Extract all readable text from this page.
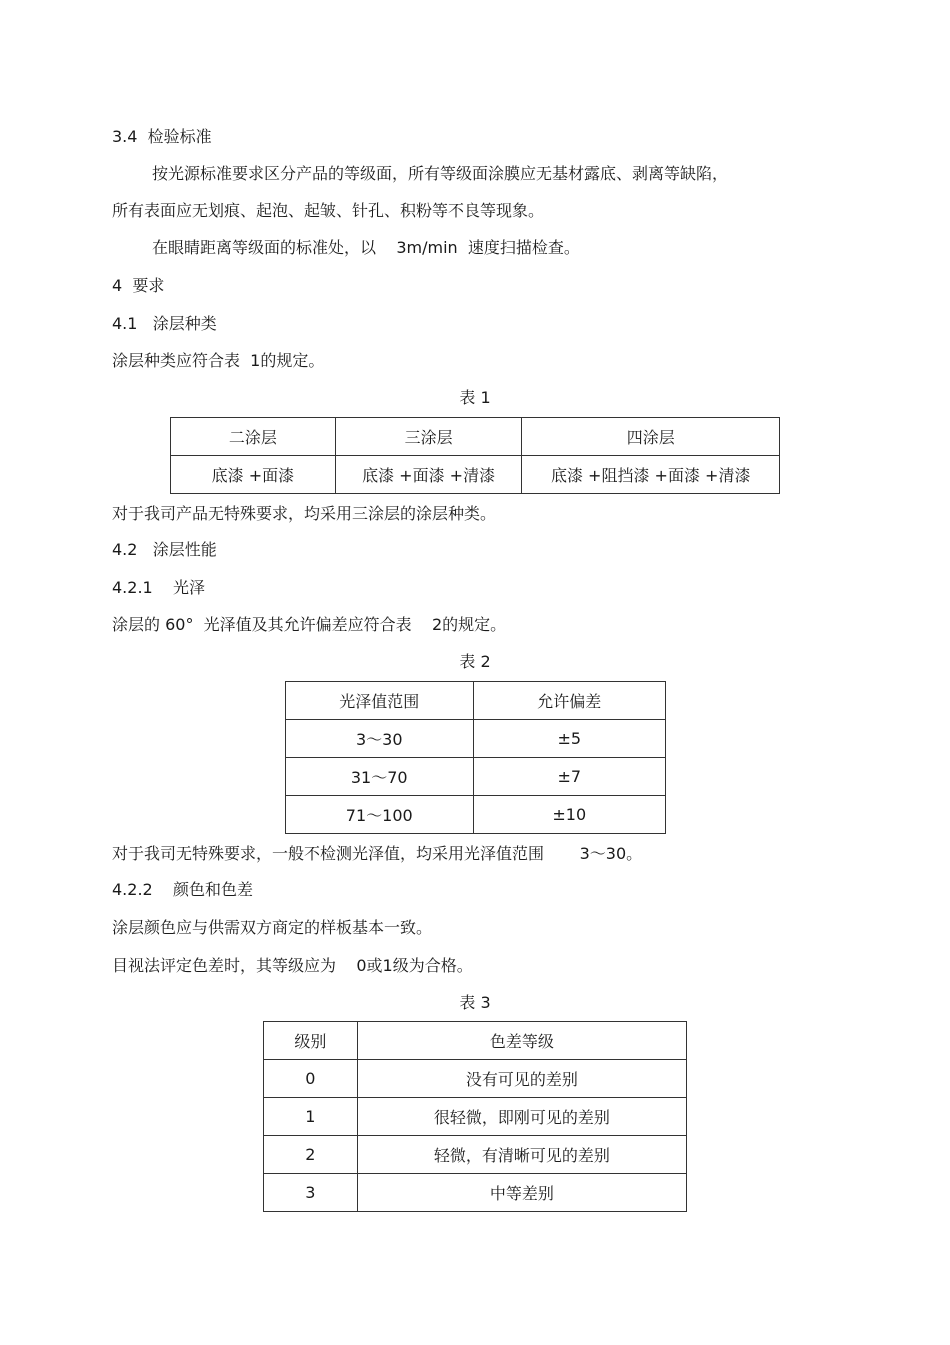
3.4  检验标准
按光源标准要求区分产品的等级面，所有等级面涂膜应无基材露底、剥离等缺陷，
所有表面应无划痕、起泡、起皱、针孔、积粉等不良等现象。
在眼睛距离等级面的标准处，以    3m/min  速度扫描检查。
4  要求
4.1   涂层种类
涂层种类应符合表  1的规定。
表 1
二涂层	三涂层	四涂层
底漆 +面漆	底漆 +面漆 +清漆	底漆 +阻挡漆 +面漆 +清漆
对于我司产品无特殊要求，均采用三涂层的涂层种类。
4.2   涂层性能
4.2.1    光泽
涂层的 60°  光泽值及其允许偏差应符合表    2的规定。
表 2
光泽值范围	允许偏差
3～30	±5
31～70	±7
71～100	±10
对于我司无特殊要求，一般不检测光泽值，均采用光泽值范围       3～30。
4.2.2    颜色和色差
涂层颜色应与供需双方商定的样板基本一致。
目视法评定色差时，其等级应为    0或1级为合格。
表 3
级别	色差等级
0	没有可见的差别
1	很轻微，即刚可见的差别
2	轻微，有清晰可见的差别
3	中等差别
